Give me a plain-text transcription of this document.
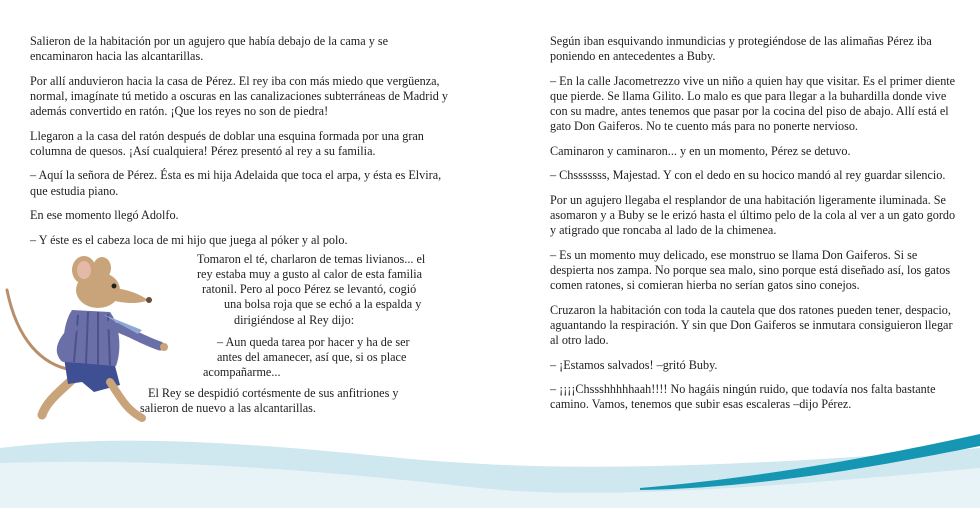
Salieron de la habitación por un agujero que había debajo de la cama y se encaminaron hacia las alcantarillas.

Por allí anduvieron hacia la casa de Pérez. El rey iba con más miedo que vergüenza, normal, imagínate tú metido a oscuras en las canalizaciones subterráneas de Madrid y además convertido en ratón. ¡Que los reyes no son de piedra!

Llegaron a la casa del ratón después de doblar una esquina formada por una gran columna de quesos. ¡Así cualquiera! Pérez presentó al rey a su familia.

– Aquí la señora de Pérez. Ésta es mi hija Adelaida que toca el arpa, y ésta es Elvira, que estudia piano.

En ese momento llegó Adolfo.

– Y éste es el cabeza loca de mi hijo que juega al póker y al polo.

Tomaron el té, charlaron de temas livianos... el
rey estaba muy a gusto al calor de esta familia
ratonil. Pero al poco Pérez se levantó, cogió
una bolsa roja que se echó a la espalda y
dirigiéndose al Rey dijo:
– Aun queda tarea por hacer y ha de ser
antes del amanecer, así que, si os place
acompañarme...
El Rey se despidió cortésmente de sus anfitriones y
salieron de nuevo a las alcantarillas.

Según iban esquivando inmundicias y protegiéndose de las alimañas Pérez iba poniendo en antecedentes a Buby.

– En la calle Jacometrezzo vive un niño a quien hay que visitar. Es el primer diente que pierde. Se llama Gilito. Lo malo es que para llegar a la buhardilla donde vive con su madre, antes tenemos que pasar por la cocina del piso de abajo. Allí está el gato Don Gaiferos. No te cuento más para no ponerte nervioso.

Caminaron y caminaron... y en un momento, Pérez se detuvo.

– Chsssssss, Majestad. Y con el dedo en su hocico mandó al rey guardar silencio.

Por un agujero llegaba el resplandor de una habitación ligeramente iluminada. Se asomaron y a Buby se le erizó hasta el último pelo de la cola al ver a un gato gordo y atigrado que roncaba al lado de la chimenea.

– Es un momento muy delicado, ese monstruo se llama Don Gaiferos. Si se despierta nos zampa. No porque sea malo, sino porque está diseñado así, los gatos comen ratones, si comieran hierba no serían gatos sino conejos.

Cruzaron la habitación con toda la cautela que dos ratones pueden tener, despacio, aguantando la respiración. Y sin que Don Gaiferos se inmutara consiguieron llegar al otro lado.

– ¡Estamos salvados! –gritó Buby.

– ¡¡¡¡Chssshhhhhaah!!!! No hagáis ningún ruido, que todavía nos falta bastante camino. Vamos, tenemos que subir esas escaleras –dijo Pérez.
